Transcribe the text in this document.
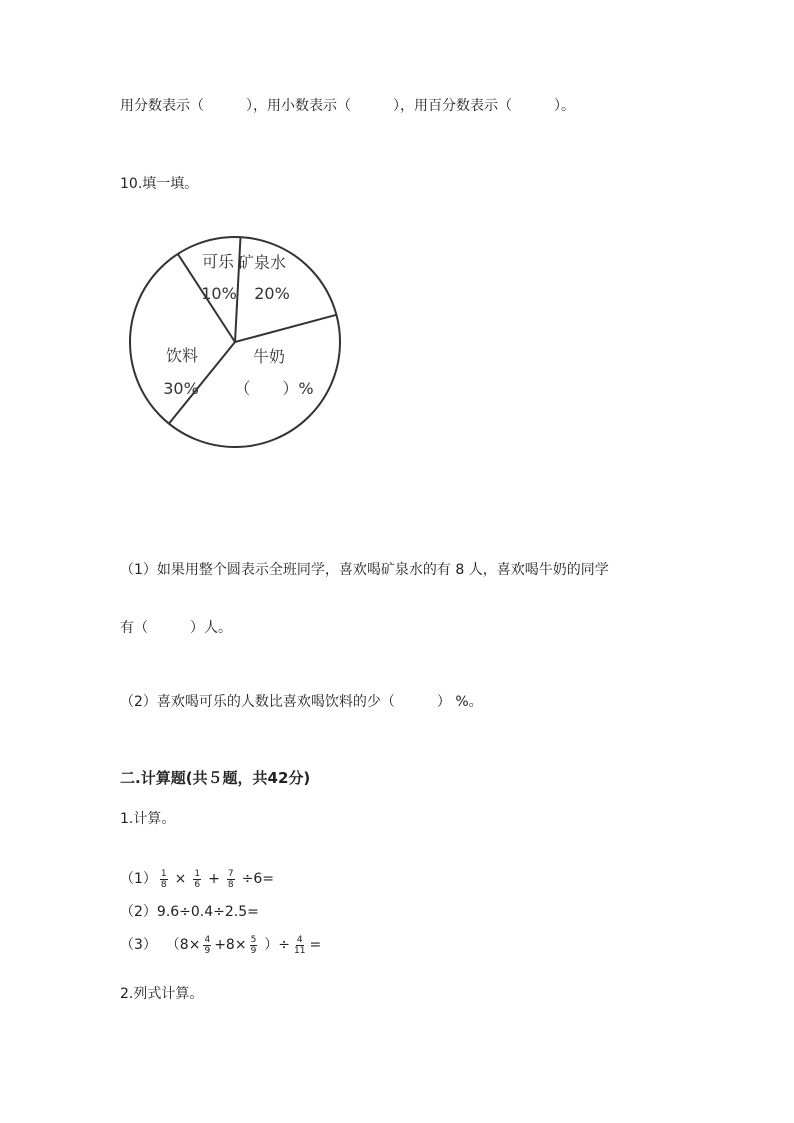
用分数表示（　　　），用小数表示（　　　），用百分数表示（　　　）。
10.填一填。
矿泉水
20%
牛奶
（　　）%
饮料
30%
可乐
10%
（1）如果用整个圆表示全班同学，喜欢喝矿泉水的有 8 人，喜欢喝牛奶的同学
有（　　　）人。
（2）喜欢喝可乐的人数比喜欢喝饮料的少（　　　） %。
二.计算题(共５题，共42分)
1.计算。
$(1) \frac{1}{8} \times \frac{1}{6} + \frac{7}{8} \div 6=$
（2）9.6÷0.4÷2.5=
（3）  （$8\times \frac{4}{9} +8\times \frac{5}{9}$ ）÷ $\frac{4}{11}$ =
2.列式计算。
